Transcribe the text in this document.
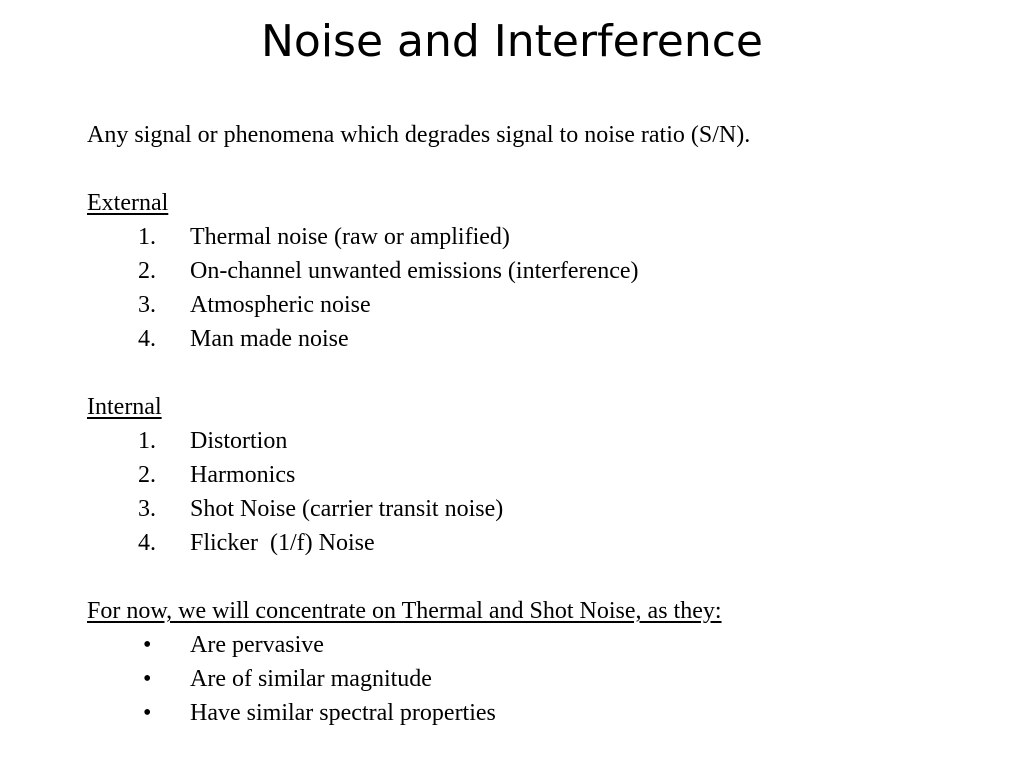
Noise and Interference
Any signal or phenomena which degrades signal to noise ratio (S/N).
External
1.	Thermal noise (raw or amplified)
2.	On-channel unwanted emissions (interference)
3.	Atmospheric noise
4.	Man made noise
Internal
1.	Distortion
2.	Harmonics
3.	Shot Noise (carrier transit noise)
4.	Flicker  (1/f) Noise
For now, we will concentrate on Thermal and Shot Noise, as they:
•	Are pervasive
•	Are of similar magnitude
•	Have similar spectral properties
